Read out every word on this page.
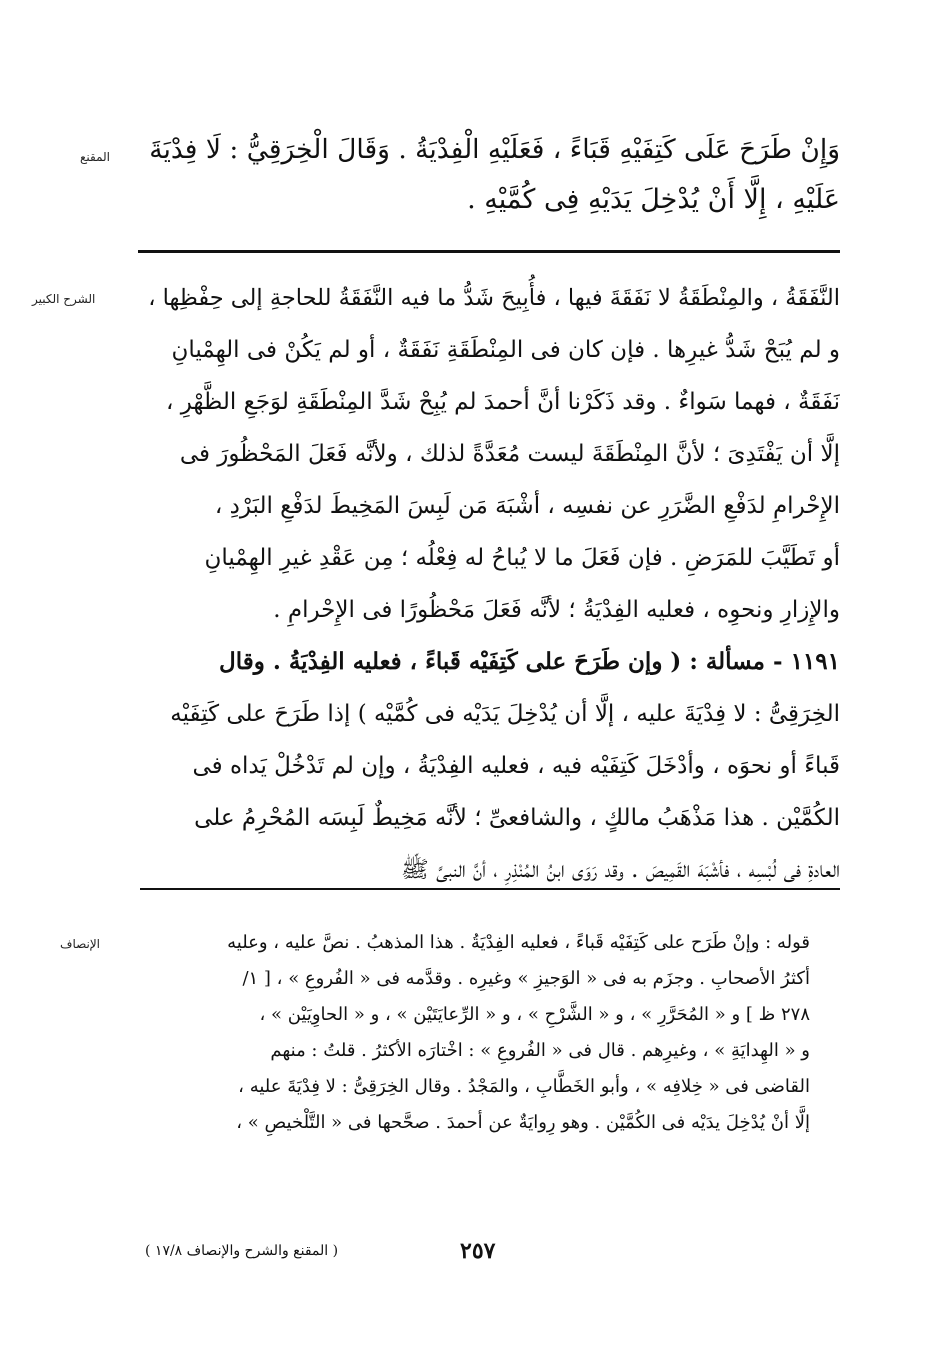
المقنع	وَإِنْ طَرَحَ عَلَى كَتِفَيْهِ قَبَاءً ، فَعَلَيْهِ الْفِدْيَةُ . وَقَالَ الْخِرَقِيُّ : لَا فِدْيَةَ
عَلَيْهِ ، إِلَّا أَنْ يُدْخِلَ يَدَيْهِ فِى كُمَّيْهِ .
الشرح الكبير	النَّفَقَةُ ، والمِنْطَقَةُ لا نَفَقَةَ فيها ، فأُبِيحَ شَدُّ ما فيه النَّفَقَةُ للحاجةِ إلى حِفْظِها ،
و لم يُبَحْ شَدُّ غيرِها . فإن كان فى المِنْطَقَةِ نَفَقَةٌ ، أو لم يَكُنْ فى الهِمْيانِ
نَفَقَةٌ ، فهما سَواءٌ . وقد ذَكَرْنا أنَّ أحمدَ لم يُبِحْ شَدَّ المِنْطَقَةِ لوَجَعِ الظَّهْرِ ،
إلَّا أن يَفْتَدِىَ ؛ لأنَّ المِنْطَقَةَ ليست مُعَدَّةً لذلك ، ولأنَّه فَعَلَ المَحْظُورَ فى
الإِحْرامِ لدَفْعِ الضَّرَرِ عن نفسِه ، أشْبَهَ مَن لَبِسَ المَخِيطَ لدَفْعِ البَرْدِ ،
أو تَطَيَّبَ للمَرَضِ . فإن فَعَلَ ما لا يُباحُ له فِعْلُه ؛ مِن عَقْدِ غيرِ الهِمْيانِ
والإِزارِ ونحوِه ، فعليه الفِدْيَةُ ؛ لأنَّه فَعَلَ مَحْظُورًا فى الإِحْرامِ .
١١٩١ - مسألة : ( وإن طَرَحَ على كَتِفَيْه قَباءً ، فعليه الفِدْيَةُ . وقال
الخِرَقِىُّ : لا فِدْيَةَ عليه ، إلَّا أن يُدْخِلَ يَدَيْه فى كُمَّيْه ) إذا طَرَحَ على كَتِفَيْه
قَباءً أو نحوَه ، وأدْخَلَ كَتِفَيْه فيه ، فعليه الفِدْيَةُ ، وإن لم تَدْخُلْ يَداه فى
الكُمَّيْن . هذا مَذْهَبُ مالكٍ ، والشافعىِّ ؛ لأنَّه مَخِيطٌ لَبِسَه المُحْرِمُ على
العادةِ فى لُبْسِه ، فأشْبَهَ القَمِيصَ . وقد رَوَى ابنُ المُنْذِرِ ، أنَّ النبىَّ ﷺ
الإنصاف	قوله : وإنْ طَرَح على كَتِفَيْه قَباءً ، فعليه الفِدْيَةُ . هذا المذهبُ . نصَّ عليه ، وعليه
أكثرُ الأصحابِ . وجزَم به فى « الوَجيزِ » وغيرِه . وقدَّمه فى « الفُروعِ » ، [ ١/
٢٧٨ ظ ] و « المُحَرَّرِ » ، و « الشَّرْحِ » ، و « الرِّعايَتَيْن » ، و « الحاوِيَيْن » ،
و « الهِدايَةِ » ، وغيرِهم . قال فى « الفُروعِ » : اخْتارَه الأكثرُ . قلتُ : منهم
القاضى فى « خِلافِه » ، وأبو الخَطَّابِ ، والمَجْدُ . وقال الخِرَقِىُّ : لا فِدْيَةَ عليه ،
إلَّا أنْ يُدْخِلَ يدَيْه فى الكُمَّيْن . وهو رِوايَةٌ عن أحمدَ . صحَّحها فى « التَّلْخيصِ » ،
( المقنع والشرح والإنصاف ١٧/٨ )	٢٥٧
